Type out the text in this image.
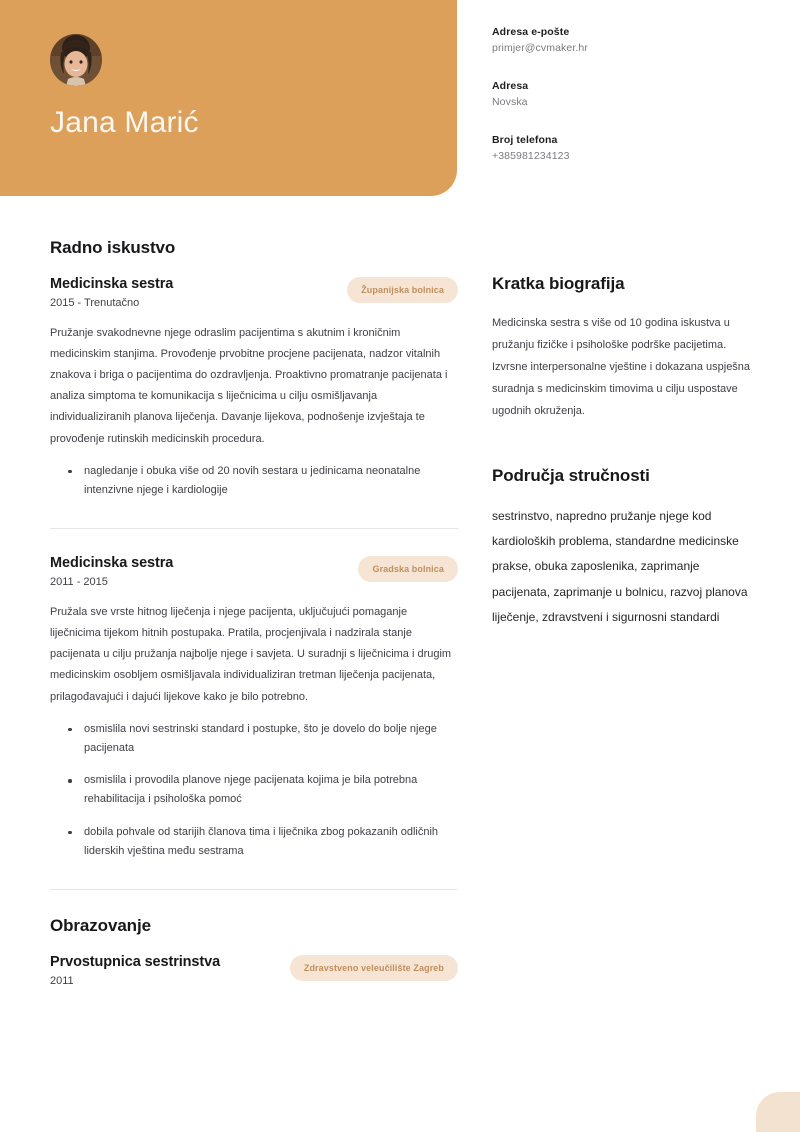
Jana Marić
Radno iskustvo
Medicinska sestra
2015 - Trenutačno
Županijska bolnica
Pružanje svakodnevne njege odraslim pacijentima s akutnim i kroničnim medicinskim stanjima. Provođenje prvobitne procjene pacijenata, nadzor vitalnih znakova i briga o pacijentima do ozdravljenja. Proaktivno promatranje pacijenata i analiza simptoma te komunikacija s liječnicima u cilju osmišljavanja individualiziranih planova liječenja. Davanje lijekova, podnošenje izvještaja te provođenje rutinskih medicinskih procedura.
nagledanje i obuka više od 20 novih sestara u jedinicama neonatalne intenzivne njege i kardiologije
Medicinska sestra
2011 - 2015
Gradska bolnica
Pružala sve vrste hitnog liječenja i njege pacijenta, uključujući pomaganje liječnicima tijekom hitnih postupaka. Pratila, procjenjivala i nadzirala stanje pacijenata u cilju pružanja najbolje njege i savjeta. U suradnji s liječnicima i drugim medicinskim osobljem osmišljavala individualiziran tretman liječenja pacijenata, prilagođavajući i dajući lijekove kako je bilo potrebno.
osmislila novi sestrinski standard i postupke, što je dovelo do bolje njege pacijenata
osmislila i provodila planove njege pacijenata kojima je bila potrebna rehabilitacija i psihološka pomoć
dobila pohvale od starijih članova tima i liječnika zbog pokazanih odličnih liderskih vještina među sestrama
Obrazovanje
Prvostupnica sestrinstva
2011
Zdravstveno veleučilište Zagreb
Adresa e-pošte
primjer@cvmaker.hr
Adresa
Novska
Broj telefona
+385981234123
Kratka biografija
Medicinska sestra s više od 10 godina iskustva u pružanju fizičke i psihološke podrške pacijetima. Izvrsne interpersonalne vještine i dokazana uspješna suradnja s medicinskim timovima u cilju uspostave ugodnih okruženja.
Područja stručnosti
sestrinstvo, napredno pružanje njege kod kardioloških problema, standardne medicinske prakse, obuka zaposlenika, zaprimanje pacijenata, zaprimanje u bolnicu, razvoj planova liječenje, zdravstveni i sigurnosni standardi
